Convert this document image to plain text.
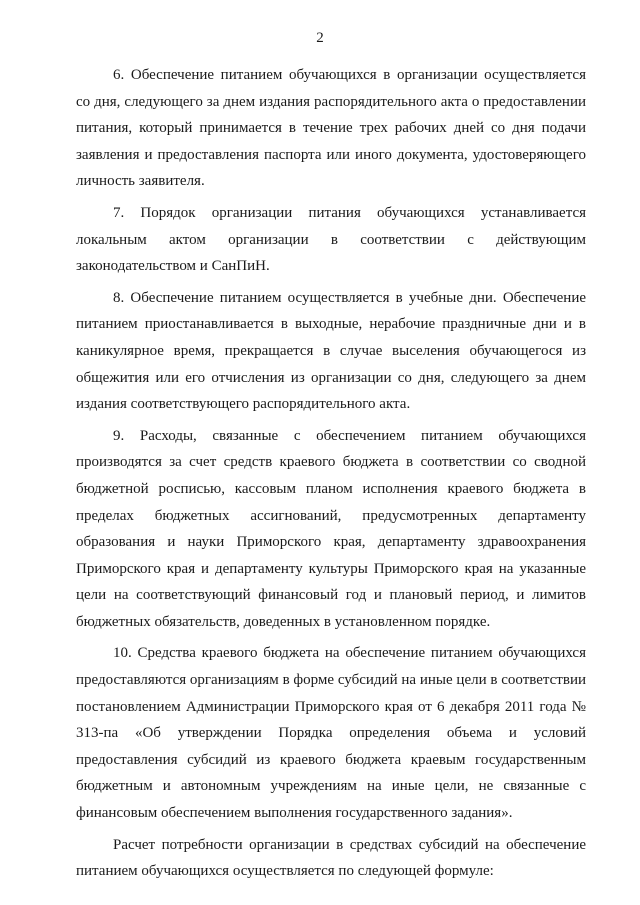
2

6. Обеспечение питанием обучающихся в организации осуществляется со дня, следующего за днем издания распорядительного акта о предоставлении питания, который принимается в течение трех рабочих дней со дня подачи заявления и предоставления паспорта или иного документа, удостоверяющего личность заявителя.

7. Порядок организации питания обучающихся устанавливается локальным актом организации в соответствии с действующим законодательством и СанПиН.

8. Обеспечение питанием осуществляется в учебные дни. Обеспечение питанием приостанавливается в выходные, нерабочие праздничные дни и в каникулярное время, прекращается в случае выселения обучающегося из общежития или его отчисления из организации со дня, следующего за днем издания соответствующего распорядительного акта.

9. Расходы, связанные с обеспечением питанием обучающихся производятся за счет средств краевого бюджета в соответствии со сводной бюджетной росписью, кассовым планом исполнения краевого бюджета в пределах бюджетных ассигнований, предусмотренных департаменту образования и науки Приморского края, департаменту здравоохранения Приморского края и департаменту культуры Приморского края на указанные цели на соответствующий финансовый год и плановый период, и лимитов бюджетных обязательств, доведенных в установленном порядке.

10. Средства краевого бюджета на обеспечение питанием обучающихся предоставляются организациям в форме субсидий на иные цели в соответствии постановлением Администрации Приморского края от 6 декабря 2011 года № 313-па «Об утверждении Порядка определения объема и условий предоставления субсидий из краевого бюджета краевым государственным бюджетным и автономным учреждениям на иные цели, не связанные с финансовым обеспечением выполнения государственного задания».

Расчет потребности организации в средствах субсидий на обеспечение питанием обучающихся осуществляется по следующей формуле:
